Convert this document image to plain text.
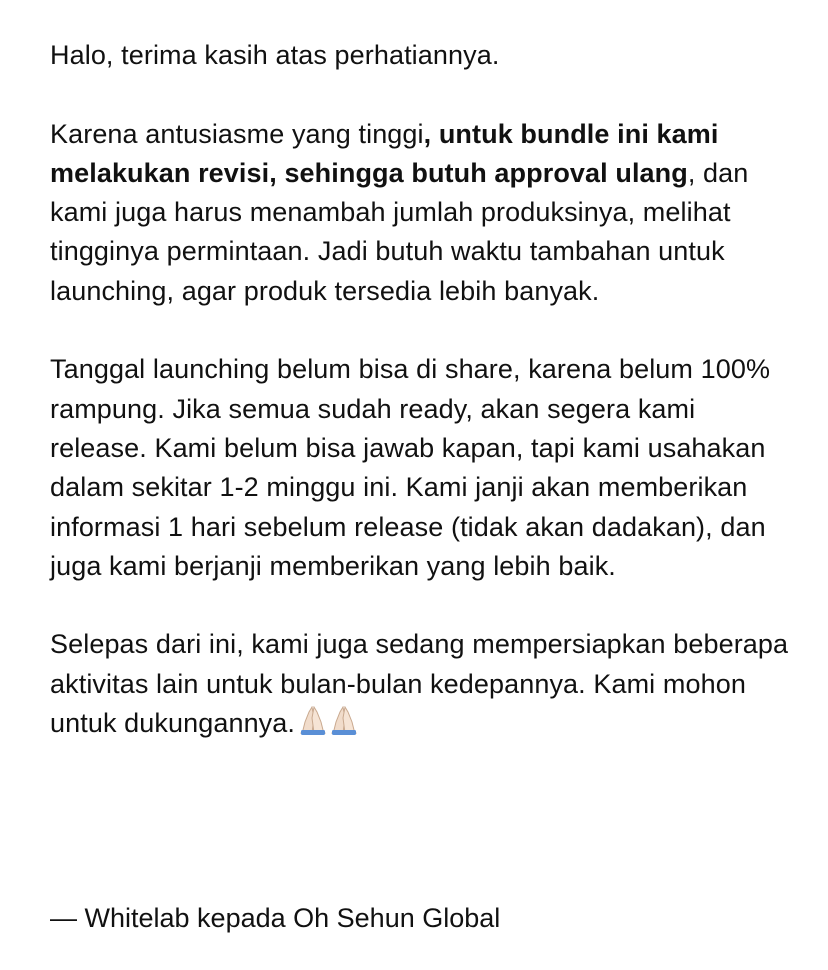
Halo, terima kasih atas perhatiannya.

Karena antusiasme yang tinggi, untuk bundle ini kami melakukan revisi, sehingga butuh approval ulang, dan kami juga harus menambah jumlah produksinya, melihat tingginya permintaan. Jadi butuh waktu tambahan untuk launching, agar produk tersedia lebih banyak.

Tanggal launching belum bisa di share, karena belum 100% rampung. Jika semua sudah ready, akan segera kami release. Kami belum bisa jawab kapan, tapi kami usahakan dalam sekitar 1-2 minggu ini. Kami janji akan memberikan informasi 1 hari sebelum release (tidak akan dadakan), dan juga kami berjanji memberikan yang lebih baik.

Selepas dari ini, kami juga sedang mempersiapkan beberapa aktivitas lain untuk bulan-bulan kedepannya. Kami mohon untuk dukungannya.

— Whitelab kepada Oh Sehun Global
